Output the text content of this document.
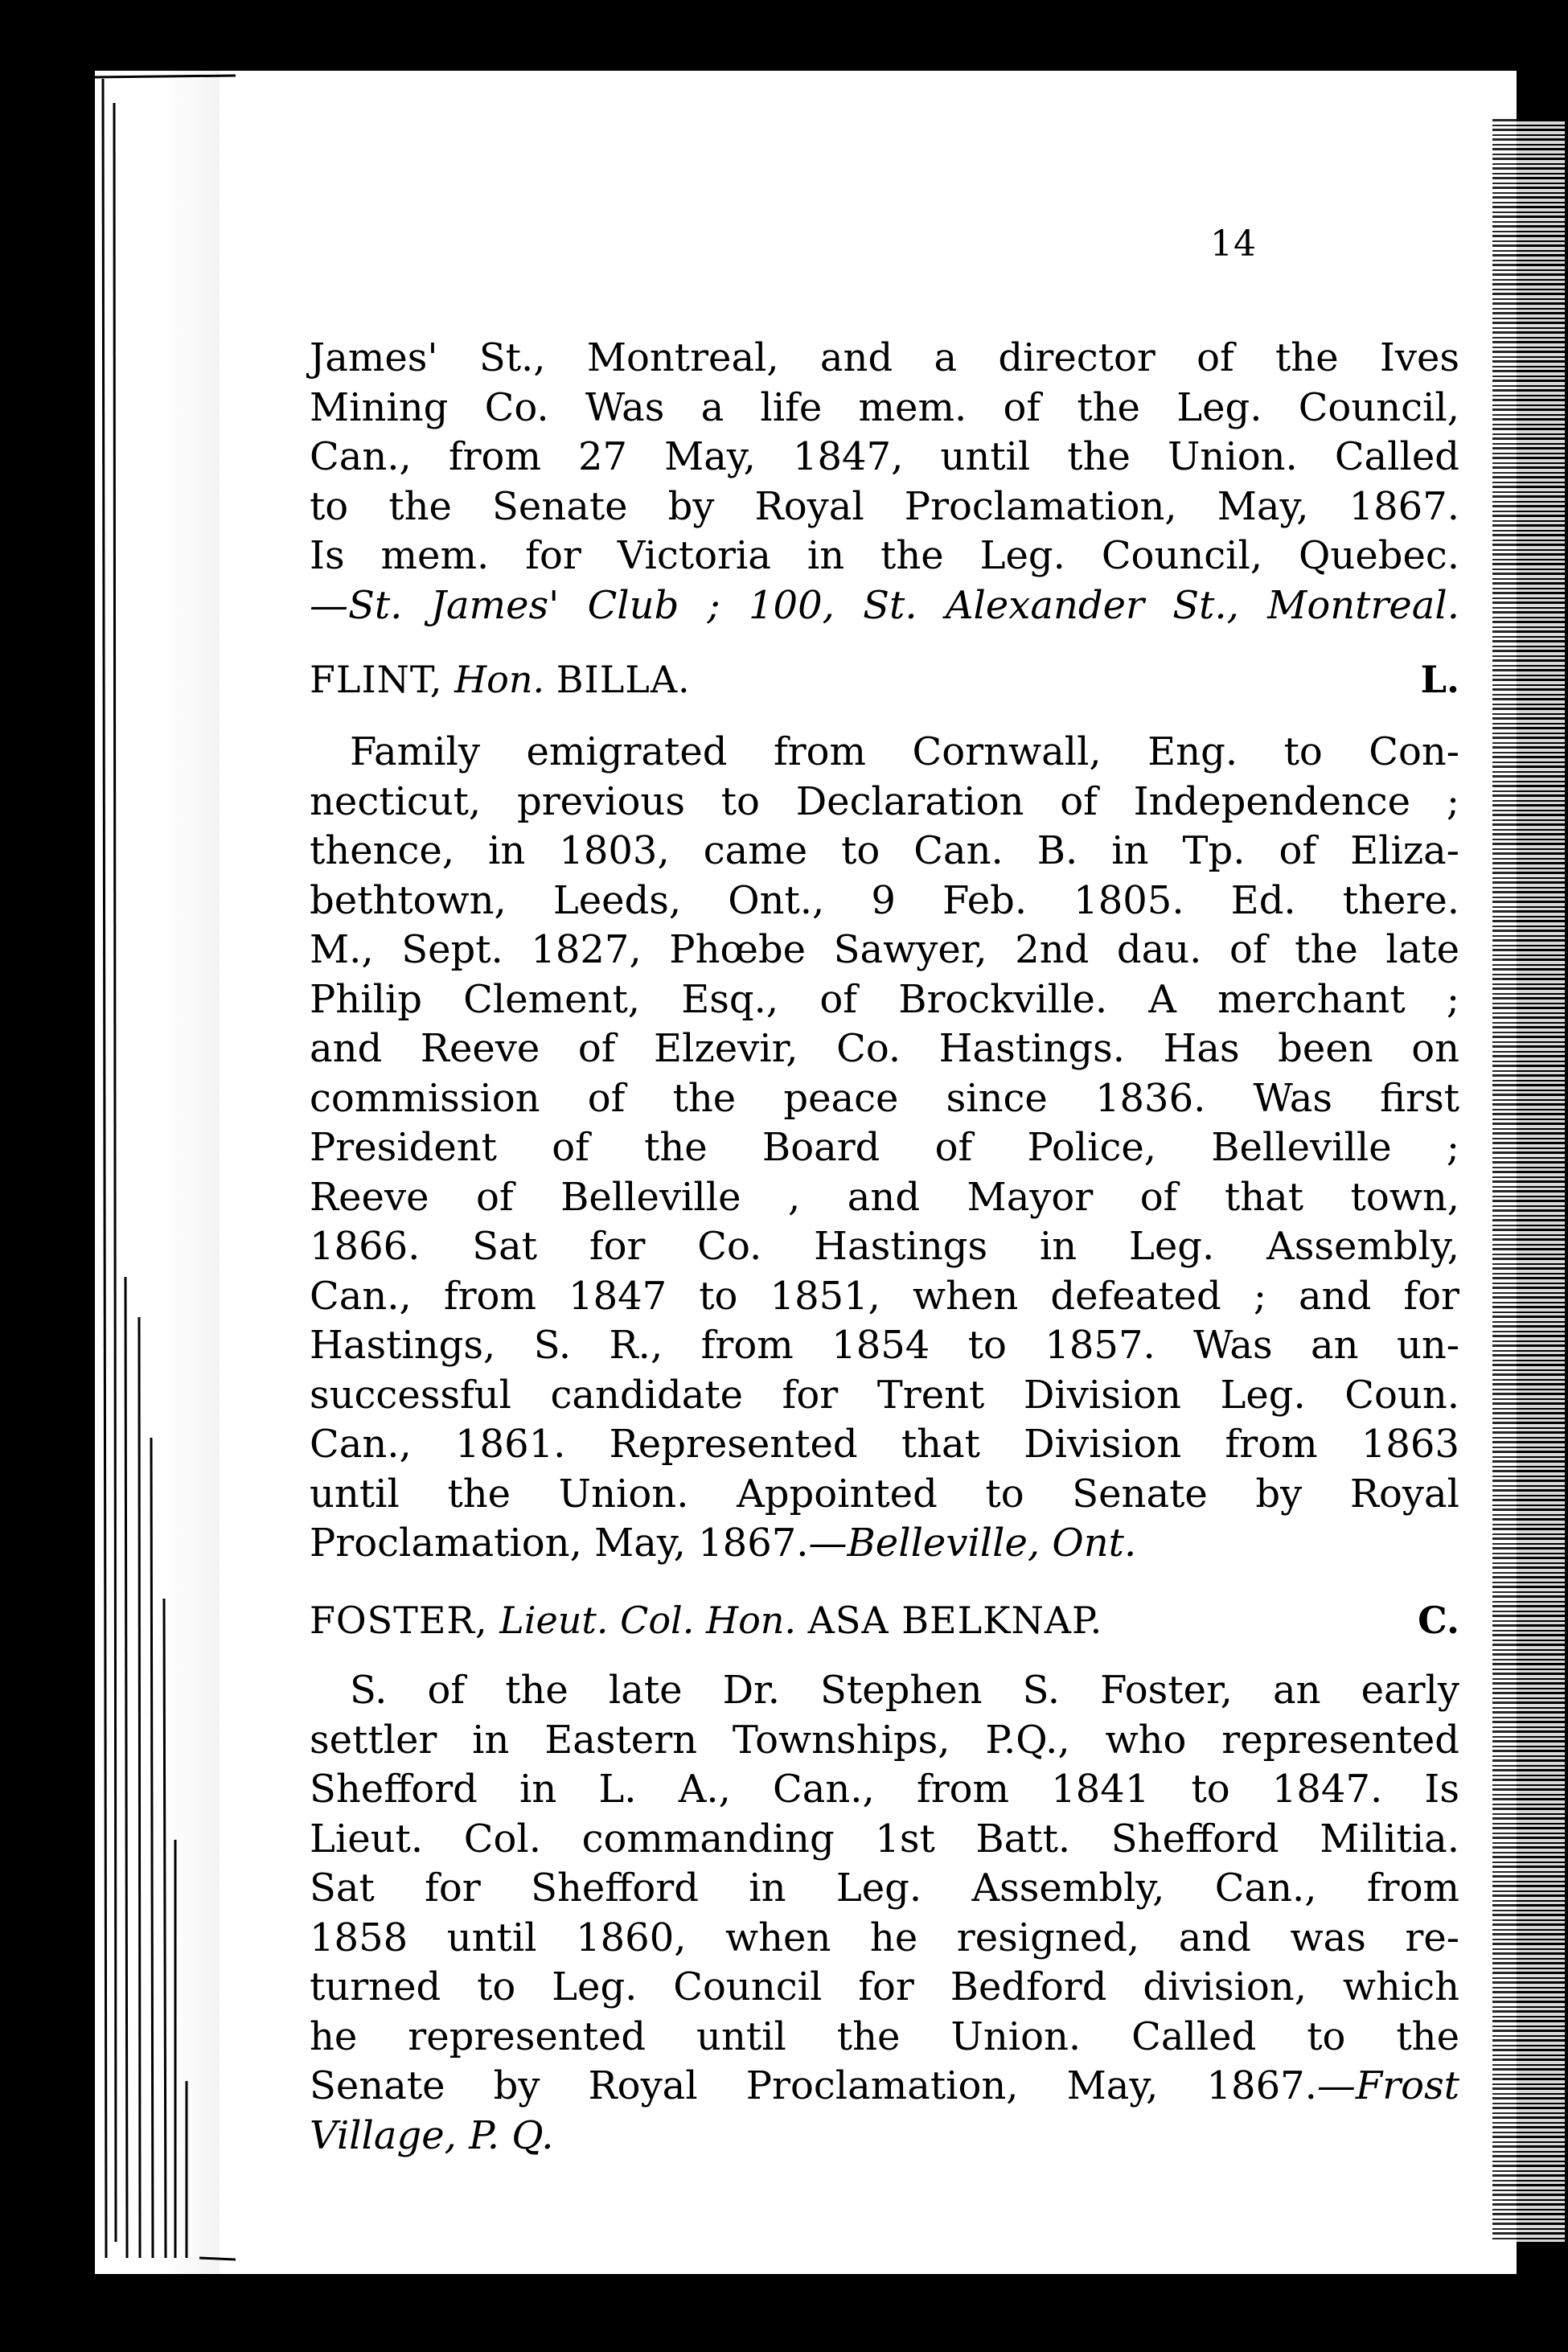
14
James' St., Montreal, and a director of the Ives
Mining Co. Was a life mem. of the Leg. Council,
Can., from 27 May, 1847, until the Union. Called
to the Senate by Royal Proclamation, May, 1867.
Is mem. for Victoria in the Leg. Council, Quebec.
—St. James' Club ; 100, St. Alexander St., Montreal.
FLINT, Hon. BILLA.	L.
Family emigrated from Cornwall, Eng. to Con-
necticut, previous to Declaration of Independence ;
thence, in 1803, came to Can. B. in Tp. of Eliza-
bethtown, Leeds, Ont., 9 Feb. 1805. Ed. there.
M., Sept. 1827, Phœbe Sawyer, 2nd dau. of the late
Philip Clement, Esq., of Brockville. A merchant ;
and Reeve of Elzevir, Co. Hastings. Has been on
commission of the peace since 1836. Was first
President of the Board of Police, Belleville ;
Reeve of Belleville , and Mayor of that town,
1866. Sat for Co. Hastings in Leg. Assembly,
Can., from 1847 to 1851, when defeated ; and for
Hastings, S. R., from 1854 to 1857. Was an un-
successful candidate for Trent Division Leg. Coun.
Can., 1861. Represented that Division from 1863
until the Union. Appointed to Senate by Royal
Proclamation, May, 1867.—Belleville, Ont.
FOSTER, Lieut. Col. Hon. ASA BELKNAP.	C.
S. of the late Dr. Stephen S. Foster, an early
settler in Eastern Townships, P.Q., who represented
Shefford in L. A., Can., from 1841 to 1847. Is
Lieut. Col. commanding 1st Batt. Shefford Militia.
Sat for Shefford in Leg. Assembly, Can., from
1858 until 1860, when he resigned, and was re-
turned to Leg. Council for Bedford division, which
he represented until the Union. Called to the
Senate by Royal Proclamation, May, 1867.—Frost
Village, P. Q.
